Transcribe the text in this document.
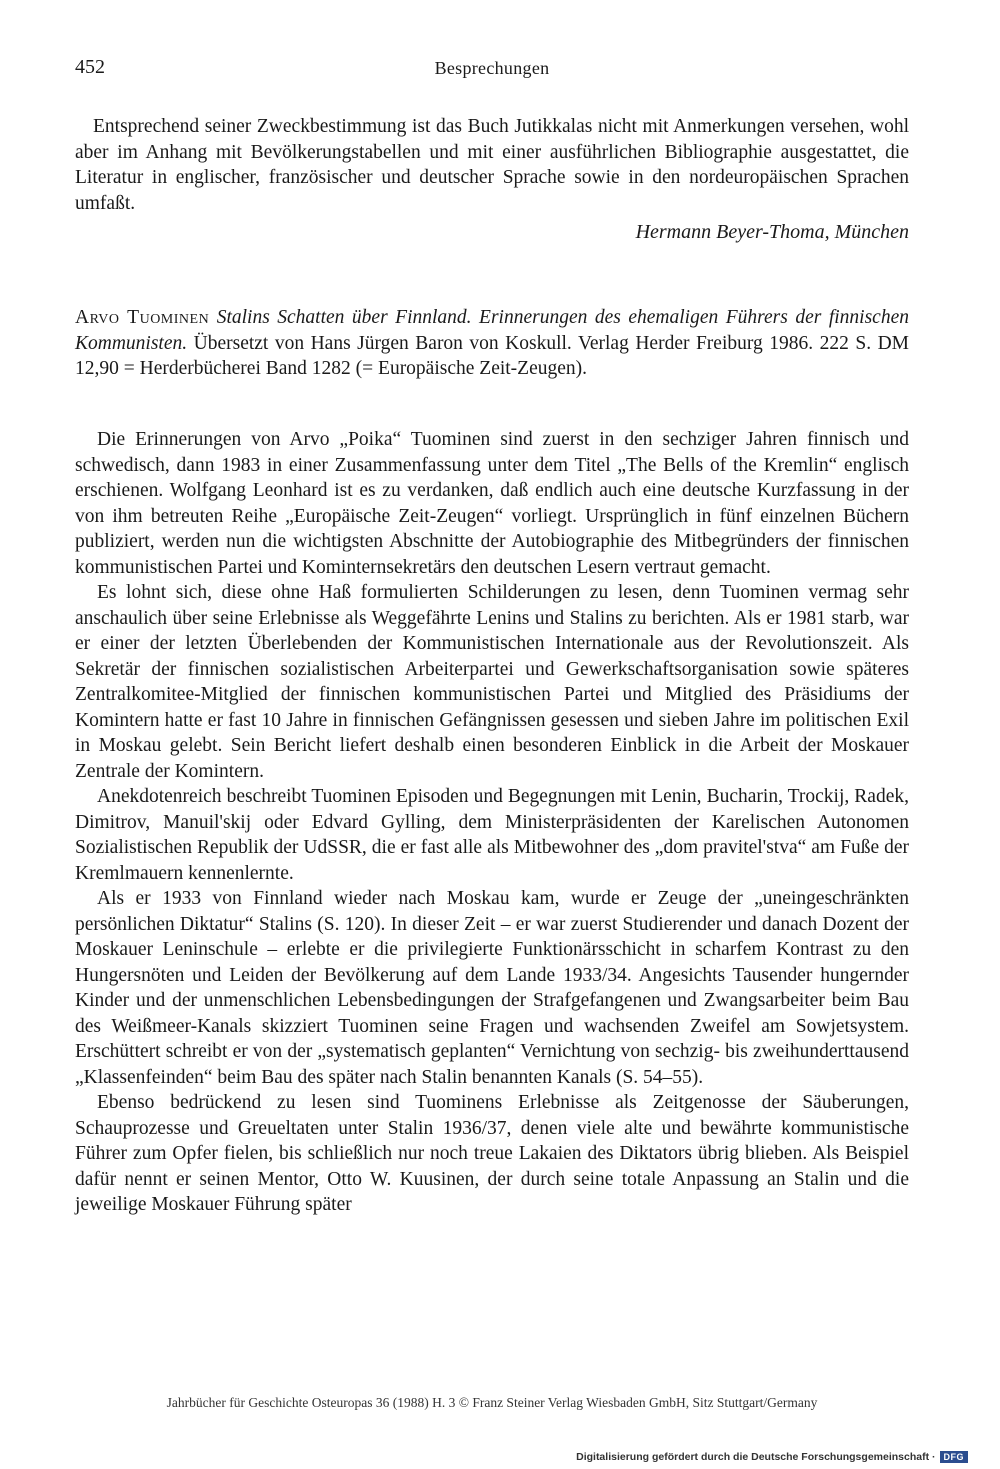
452	Besprechungen

Entsprechend seiner Zweckbestimmung ist das Buch Jutikkalas nicht mit Anmerkungen versehen, wohl aber im Anhang mit Bevölkerungstabellen und mit einer ausführlichen Bibliographie ausgestattet, die Literatur in englischer, französischer und deutscher Sprache sowie in den nordeuropäischen Sprachen umfaßt.

Hermann Beyer-Thoma, München
Arvo Tuominen Stalins Schatten über Finnland. Erinnerungen des ehemaligen Führers der finnischen Kommunisten. Übersetzt von Hans Jürgen Baron von Koskull. Verlag Herder Freiburg 1986. 222 S. DM 12,90 = Herderbücherei Band 1282 (= Europäische Zeit-Zeugen).

Die Erinnerungen von Arvo „Poika“ Tuominen sind zuerst in den sechziger Jahren finnisch und schwedisch, dann 1983 in einer Zusammenfassung unter dem Titel „The Bells of the Kremlin“ englisch erschienen. Wolfgang Leonhard ist es zu verdanken, daß endlich auch eine deutsche Kurzfassung in der von ihm betreuten Reihe „Europäische Zeit-Zeugen“ vorliegt. Ursprünglich in fünf einzelnen Büchern publiziert, werden nun die wichtigsten Abschnitte der Autobiographie des Mitbegründers der finnischen kommunistischen Partei und Kominternsekretärs den deutschen Lesern vertraut gemacht.

Es lohnt sich, diese ohne Haß formulierten Schilderungen zu lesen, denn Tuominen vermag sehr anschaulich über seine Erlebnisse als Weggefährte Lenins und Stalins zu berichten. Als er 1981 starb, war er einer der letzten Überlebenden der Kommunistischen Internationale aus der Revolutionszeit. Als Sekretär der finnischen sozialistischen Arbeiterpartei und Gewerkschaftsorganisation sowie späteres Zentralkomitee-Mitglied der finnischen kommunistischen Partei und Mitglied des Präsidiums der Komintern hatte er fast 10 Jahre in finnischen Gefängnissen gesessen und sieben Jahre im politischen Exil in Moskau gelebt. Sein Bericht liefert deshalb einen besonderen Einblick in die Arbeit der Moskauer Zentrale der Komintern.

Anekdotenreich beschreibt Tuominen Episoden und Begegnungen mit Lenin, Bucharin, Trockij, Radek, Dimitrov, Manuil'skij oder Edvard Gylling, dem Ministerpräsidenten der Karelischen Autonomen Sozialistischen Republik der UdSSR, die er fast alle als Mitbewohner des „dom pravitel'stva“ am Fuße der Kremlmauern kennenlernte.

Als er 1933 von Finnland wieder nach Moskau kam, wurde er Zeuge der „uneingeschränkten persönlichen Diktatur“ Stalins (S. 120). In dieser Zeit – er war zuerst Studierender und danach Dozent der Moskauer Leninschule – erlebte er die privilegierte Funktionärsschicht in scharfem Kontrast zu den Hungersnöten und Leiden der Bevölkerung auf dem Lande 1933/34. Angesichts Tausender hungernder Kinder und der unmenschlichen Lebensbedingungen der Strafgefangenen und Zwangsarbeiter beim Bau des Weißmeer-Kanals skizziert Tuominen seine Fragen und wachsenden Zweifel am Sowjetsystem. Erschüttert schreibt er von der „systematisch geplanten“ Vernichtung von sechzig- bis zweihunderttausend „Klassenfeinden“ beim Bau des später nach Stalin benannten Kanals (S. 54–55).

Ebenso bedrückend zu lesen sind Tuominens Erlebnisse als Zeitgenosse der Säuberungen, Schauprozesse und Greueltaten unter Stalin 1936/37, denen viele alte und bewährte kommunistische Führer zum Opfer fielen, bis schließlich nur noch treue Lakaien des Diktators übrig blieben. Als Beispiel dafür nennt er seinen Mentor, Otto W. Kuusinen, der durch seine totale Anpassung an Stalin und die jeweilige Moskauer Führung später

Jahrbücher für Geschichte Osteuropas 36 (1988) H. 3 © Franz Steiner Verlag Wiesbaden GmbH, Sitz Stuttgart/Germany
Digitalisierung gefördert durch die Deutsche Forschungsgemeinschaft · DFG
